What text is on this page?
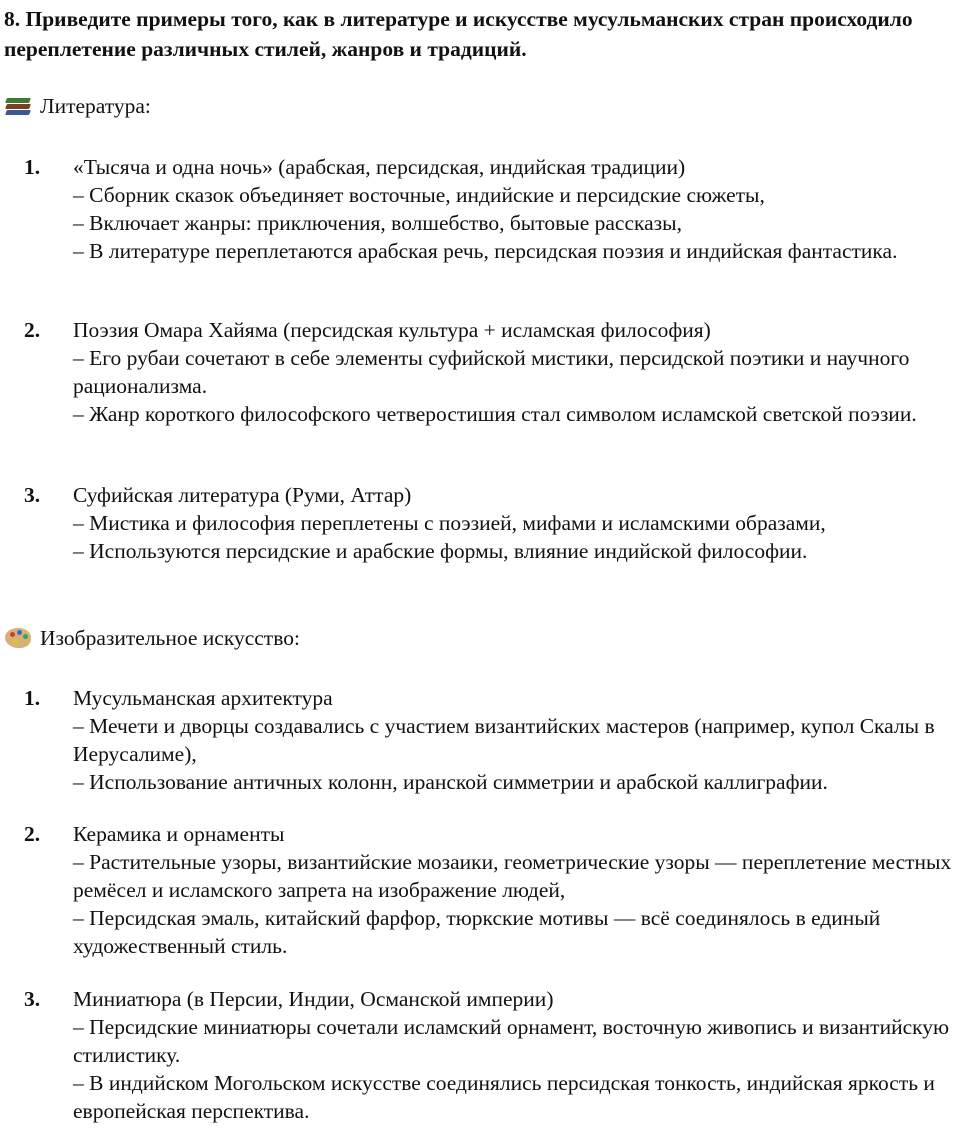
8. Приведите примеры того, как в литературе и искусстве мусульманских стран происходило переплетение различных стилей, жанров и традиций.
Литература:
1. «Тысяча и одна ночь» (арабская, персидская, индийская традиции)
– Сборник сказок объединяет восточные, индийские и персидские сюжеты,
– Включает жанры: приключения, волшебство, бытовые рассказы,
– В литературе переплетаются арабская речь, персидская поэзия и индийская фантастика.
2. Поэзия Омара Хайяма (персидская культура + исламская философия)
– Его рубаи сочетают в себе элементы суфийской мистики, персидской поэтики и научного рационализма.
– Жанр короткого философского четверостишия стал символом исламской светской поэзии.
3. Суфийская литература (Руми, Аттар)
– Мистика и философия переплетены с поэзией, мифами и исламскими образами,
– Используются персидские и арабские формы, влияние индийской философии.
Изобразительное искусство:
1. Мусульманская архитектура
– Мечети и дворцы создавались с участием византийских мастеров (например, купол Скалы в Иерусалиме),
– Использование античных колонн, иранской симметрии и арабской каллиграфии.
2. Керамика и орнаменты
– Растительные узоры, византийские мозаики, геометрические узоры — переплетение местных ремёсел и исламского запрета на изображение людей,
– Персидская эмаль, китайский фарфор, тюркские мотивы — всё соединялось в единый художественный стиль.
3. Миниатюра (в Персии, Индии, Османской империи)
– Персидские миниатюры сочетали исламский орнамент, восточную живопись и византийскую стилистику.
– В индийском Могольском искусстве соединялись персидская тонкость, индийская яркость и европейская перспектива.
